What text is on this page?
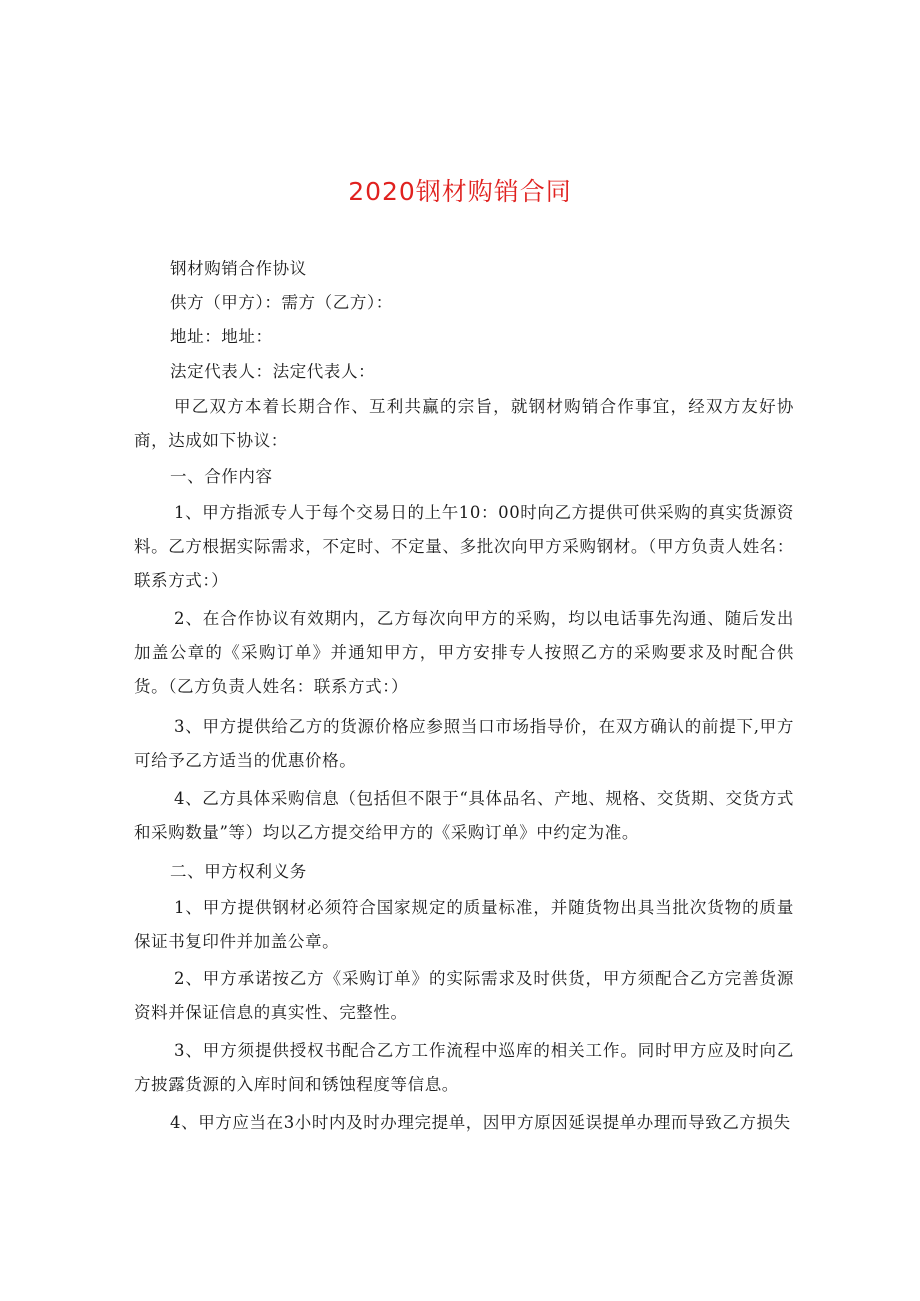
2020钢材购销合同

钢材购销合作协议

供方（甲方）：需方（乙方）：

地址：地址：

法定代表人：法定代表人：

甲乙双方本着长期合作、互利共赢的宗旨，就钢材购销合作事宜，经双方友好协商，达成如下协议：

一、合作内容

1、甲方指派专人于每个交易日的上午10：00时向乙方提供可供采购的真实货源资料。乙方根据实际需求，不定时、不定量、多批次向甲方采购钢材。（甲方负责人姓名：联系方式：）

2、在合作协议有效期内，乙方每次向甲方的采购，均以电话事先沟通、随后发出加盖公章的《采购订单》并通知甲方，甲方安排专人按照乙方的采购要求及时配合供货。（乙方负责人姓名：联系方式：）

3、甲方提供给乙方的货源价格应参照当口市场指导价，在双方确认的前提下,甲方可给予乙方适当的优惠价格。

4、乙方具体采购信息（包括但不限于“具体品名、产地、规格、交货期、交货方式和采购数量”等）均以乙方提交给甲方的《采购订单》中约定为准。

二、甲方权利义务

1、甲方提供钢材必须符合国家规定的质量标准，并随货物出具当批次货物的质量保证书复印件并加盖公章。

2、甲方承诺按乙方《采购订单》的实际需求及时供货，甲方须配合乙方完善货源资料并保证信息的真实性、完整性。

3、甲方须提供授权书配合乙方工作流程中巡库的相关工作。同时甲方应及时向乙方披露货源的入库时间和锈蚀程度等信息。

4、甲方应当在3小时内及时办理完提单，因甲方原因延误提单办理而导致乙方损失
